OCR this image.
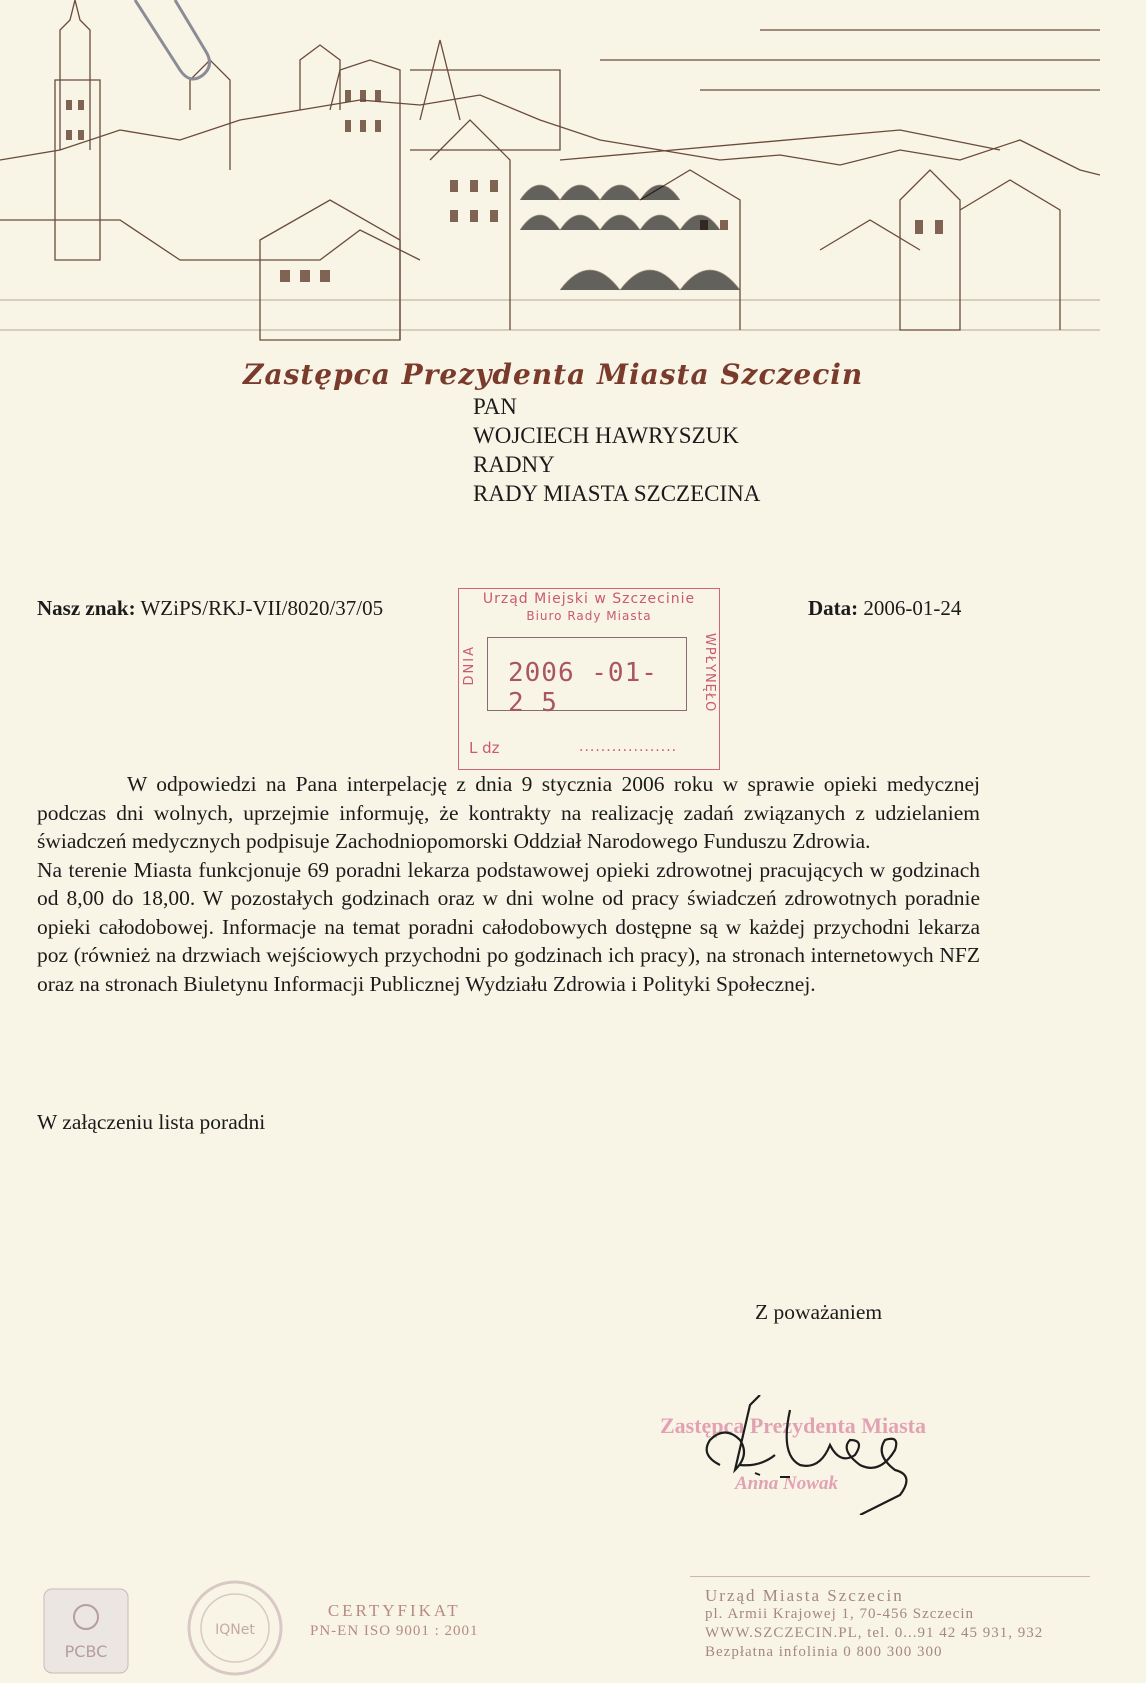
Zastępca Prezydenta Miasta Szczecin
PAN
WOJCIECH HAWRYSZUK
RADNY
RADY MIASTA SZCZECINA
Nasz znak: WZiPS/RKJ-VII/8020/37/05	Data: 2006-01-24
Urząd Miejski w Szczecinie
Biuro Rady Miasta
DNIA 2006 -01- 2 5	WPŁYNĘŁO
L dz	..................

W odpowiedzi na Pana interpelację z dnia 9 stycznia 2006 roku w sprawie opieki medycznej podczas dni wolnych, uprzejmie informuję, że kontrakty na realizację zadań związanych z udzielaniem świadczeń medycznych podpisuje Zachodniopomorski Oddział Narodowego Funduszu Zdrowia.

Na terenie Miasta funkcjonuje 69 poradni lekarza podstawowej opieki zdrowotnej pracujących w godzinach od 8,00 do 18,00. W pozostałych godzinach oraz w dni wolne od pracy świadczeń zdrowotnych poradnie opieki całodobowej. Informacje na temat poradni całodobowych dostępne są w każdej przychodni lekarza poz (również na drzwiach wejściowych przychodni po godzinach ich pracy), na stronach internetowych NFZ oraz na stronach Biuletynu Informacji Publicznej Wydziału Zdrowia i Polityki Społecznej.

W załączeniu lista poradni
Z poważaniem
Zastępca Prezydenta Miasta
Anna Nowak
PCBC
IQNet
CERTYFIKAT
PN-EN ISO 9001 : 2001
Urząd Miasta Szczecin
pl. Armii Krajowej 1, 70-456 Szczecin
WWW.SZCZECIN.PL, tel. 0...91 42 45 931, 932
Bezpłatna infolinia 0 800 300 300
